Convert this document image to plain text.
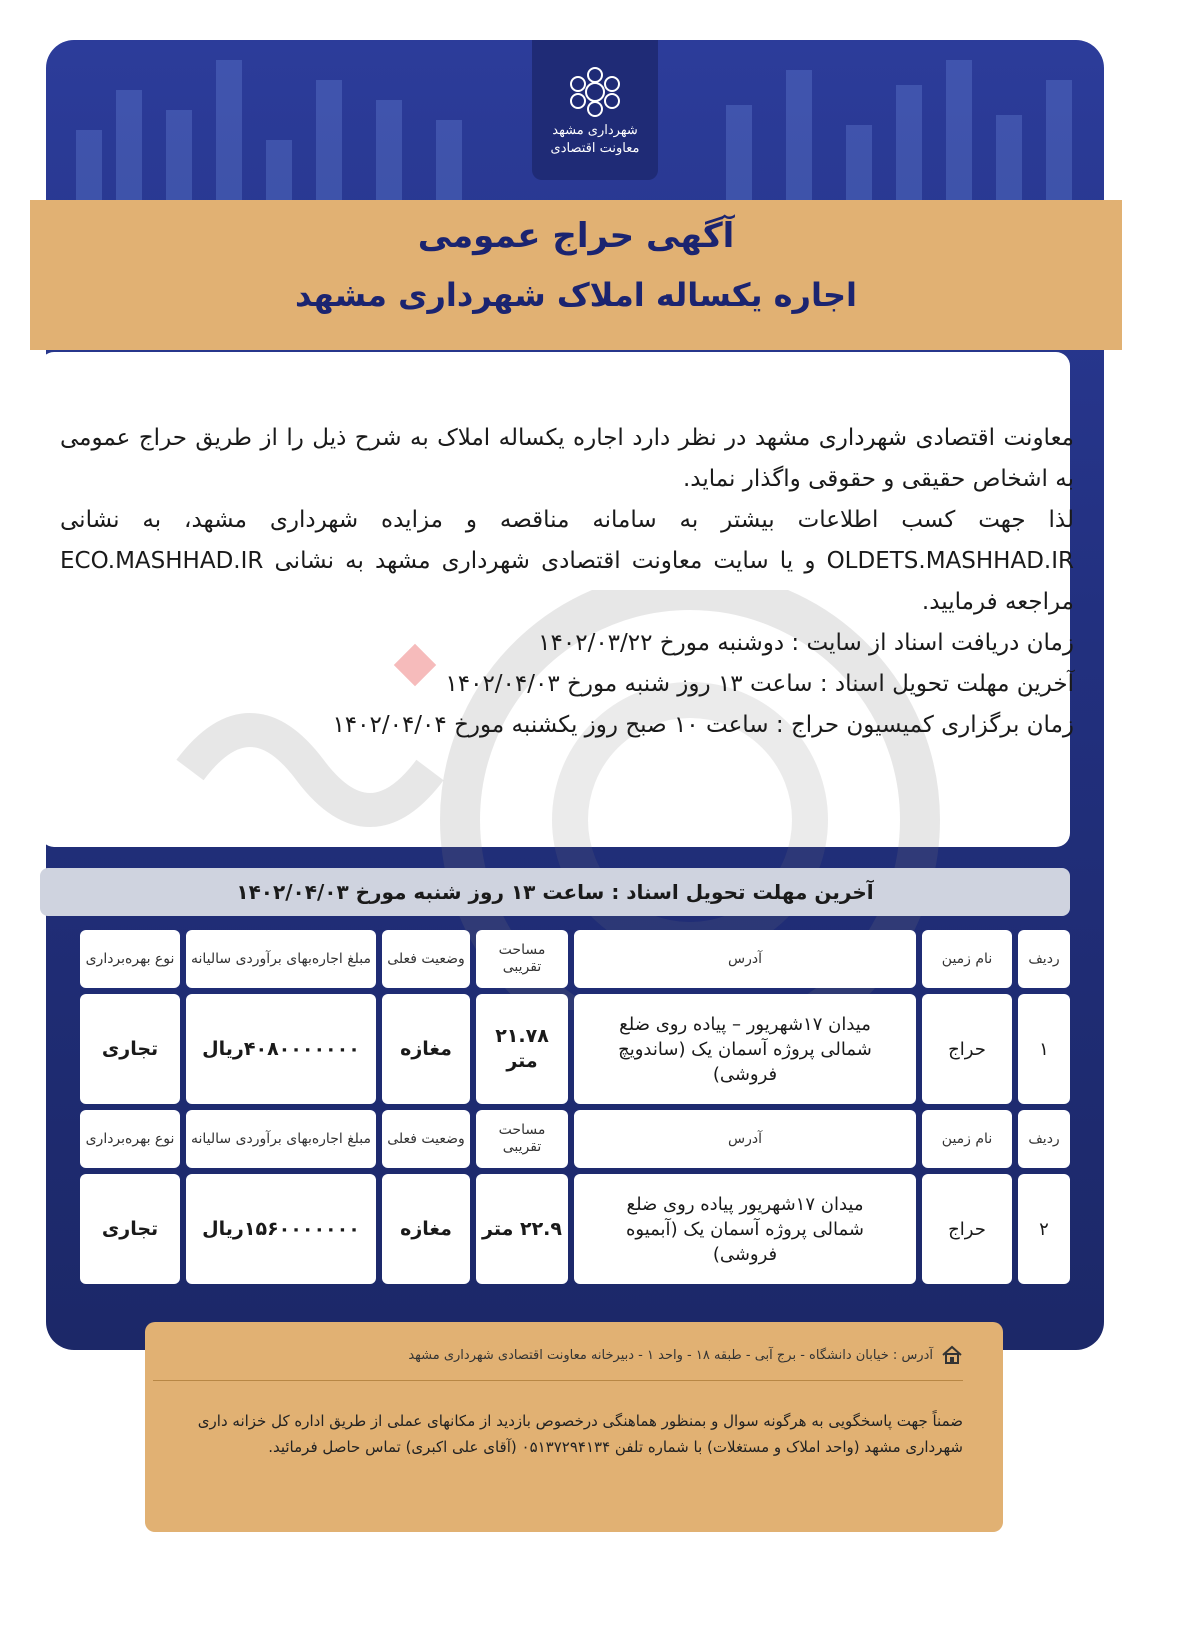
شهرداری مشهد
معاونت اقتصادی
آگهی حراج عمومی
اجاره یکساله املاک شهرداری مشهد

معاونت اقتصادی شهرداری مشهد در نظر دارد اجاره یکساله املاک به شرح ذیل را از طریق حراج عمومی به اشخاص حقیقی و حقوقی واگذار نماید.

لذا جهت کسب اطلاعات بیشتر به سامانه مناقصه و مزایده شهرداری مشهد، به نشانی OLDETS.MASHHAD.IR و یا سایت معاونت اقتصادی شهرداری مشهد به نشانی ECO.MASHHAD.IR مراجعه فرمایید.

زمان دریافت اسناد از سایت : دوشنبه مورخ ۱۴۰۲/۰۳/۲۲

آخرین مهلت تحویل اسناد : ساعت ۱۳ روز شنبه مورخ ۱۴۰۲/۰۴/۰۳

زمان برگزاری کمیسیون حراج : ساعت ۱۰ صبح روز یکشنبه مورخ ۱۴۰۲/۰۴/۰۴

آخرین مهلت تحویل اسناد : ساعت ۱۳ روز شنبه مورخ ۱۴۰۲/۰۴/۰۳
ردیف
نام زمین
آدرس
مساحت تقریبی
وضعیت فعلی
مبلغ اجاره‌بهای برآوردی سالیانه
نوع بهره‌برداری
۱
حراج
میدان ۱۷شهریور – پیاده روی ضلع شمالی پروژه آسمان یک (ساندویچ فروشی)
۲۱.۷۸ متر
مغازه
۴۰۸۰۰۰۰۰۰۰ریال
تجاری
ردیف
نام زمین
آدرس
مساحت تقریبی
وضعیت فعلی
مبلغ اجاره‌بهای برآوردی سالیانه
نوع بهره‌برداری
۲
حراج
میدان ۱۷شهریور پیاده روی ضلع شمالی پروژه آسمان یک (آبمیوه فروشی)
۲۲.۹ متر
مغازه
۱۵۶۰۰۰۰۰۰۰ریال
تجاری
آدرس : خیابان دانشگاه - برج آبی - طبقه ۱۸ - واحد ۱ - دبیرخانه معاونت اقتصادی شهرداری مشهد
ضمناً جهت پاسخگویی به هرگونه سوال و بمنظور هماهنگی درخصوص بازدید از مکانهای عملی از طریق اداره کل خزانه داری شهرداری مشهد (واحد املاک و مستغلات) با شماره تلفن ۰۵۱۳۷۲۹۴۱۳۴ (آقای علی اکبری) تماس حاصل فرمائید.
